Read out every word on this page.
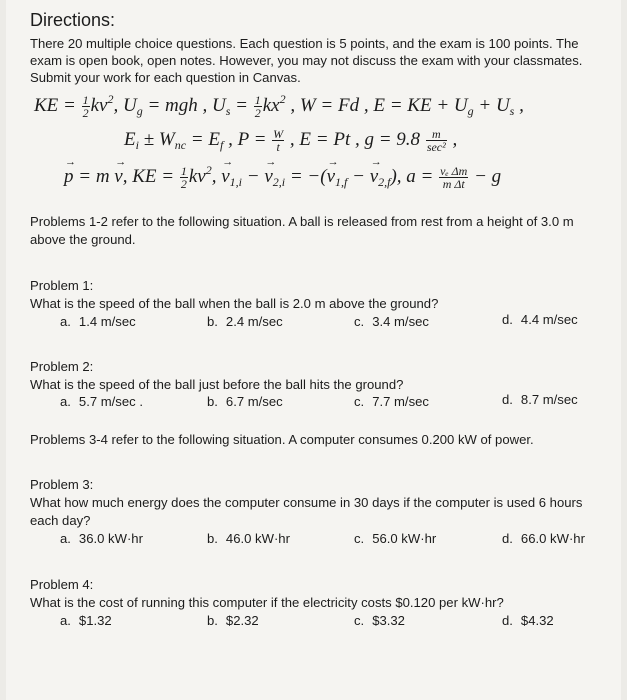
Directions:
There 20 multiple choice questions. Each question is 5 points, and the exam is 100 points. The
exam is open book, open notes. However, you may not discuss the exam with your classmates.
Submit your work for each question in Canvas.
KE = $\frac{1}{2} kv^2$, $U_g$ = mgh , $U_s = \frac{1}{2} kx^2$ , W = Fd , E = KE + $U_g + U_s$ ,
$E_i \pm W_{nc} = E_f$ , $P = \frac{W}{t}$ , E = Pt , $g = 9.8 \frac{m}{\text{sec²}}$ ,
→ p = m → v, KE = $\frac{1}{2} kv^2$, → $v_{1,i}$ − → $v_{2,i}$ = −(→ $v_{1,f}$ − → $v_{2,f}$), $a = \frac{\text{vₑ Δm}}{\text{m Δt}} - g$
Problems 1-2 refer to the following situation. A ball is released from rest from a height of 3.0 m
above the ground.
Problem 1:
What is the speed of the ball when the ball is 2.0 m above the ground?
a. 1.4 m/sec	b. 2.4 m/sec	c. 3.4 m/sec	d. 4.4 m/sec
Problem 2:
What is the speed of the ball just before the ball hits the ground?
a. 5.7 m/sec .	b. 6.7 m/sec	c. 7.7 m/sec	d. 8.7 m/sec
Problems 3-4 refer to the following situation. A computer consumes 0.200 kW of power.
Problem 3:
What how much energy does the computer consume in 30 days if the computer is used 6 hours
each day?
a. 36.0 kW·hr	b. 46.0 kW·hr	c. 56.0 kW·hr	d. 66.0 kW·hr
Problem 4:
What is the cost of running this computer if the electricity costs $0.120 per kW·hr?
a. $1.32	b. $2.32	c. $3.32	d. $4.32
